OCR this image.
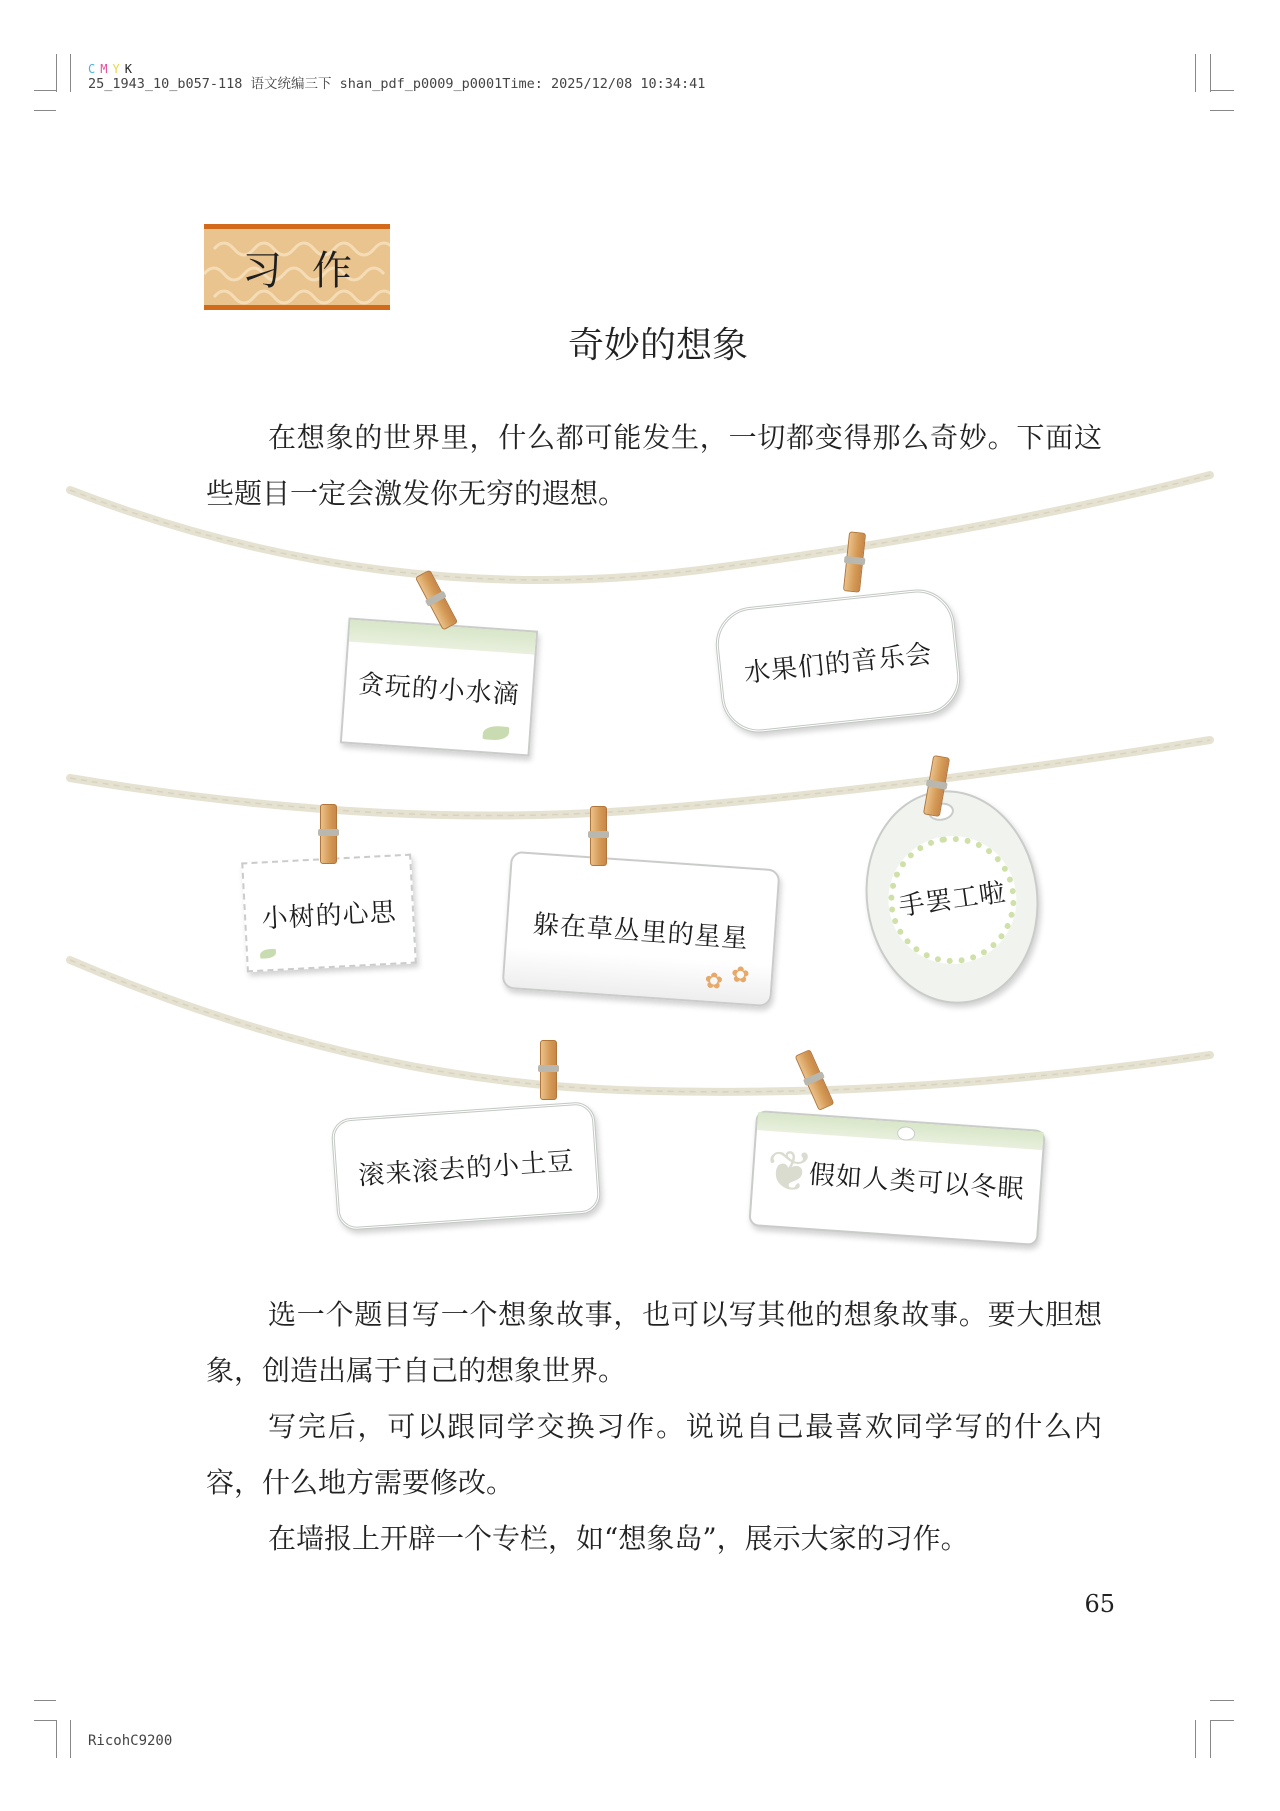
C M Y K
25_1943_10_b057-118 语文统编三下 shan_pdf_p0009_p0001Time: 2025/12/08 10:34:41
习作
奇妙的想象

在想象的世界里，什么都可能发生，一切都变得那么奇妙。下面这些题目一定会激发你无穷的遐想。

贪玩的小水滴
水果们的音乐会
小树的心思	躲在草丛里的星星
✿ ✿
手罢工啦
滚来滚去的小土豆	❦
假如人类可以冬眠

选一个题目写一个想象故事，也可以写其他的想象故事。要大胆想象，创造出属于自己的想象世界。

写完后，可以跟同学交换习作。说说自己最喜欢同学写的什么内容，什么地方需要修改。

在墙报上开辟一个专栏，如“想象岛”，展示大家的习作。

65
RicohC9200
